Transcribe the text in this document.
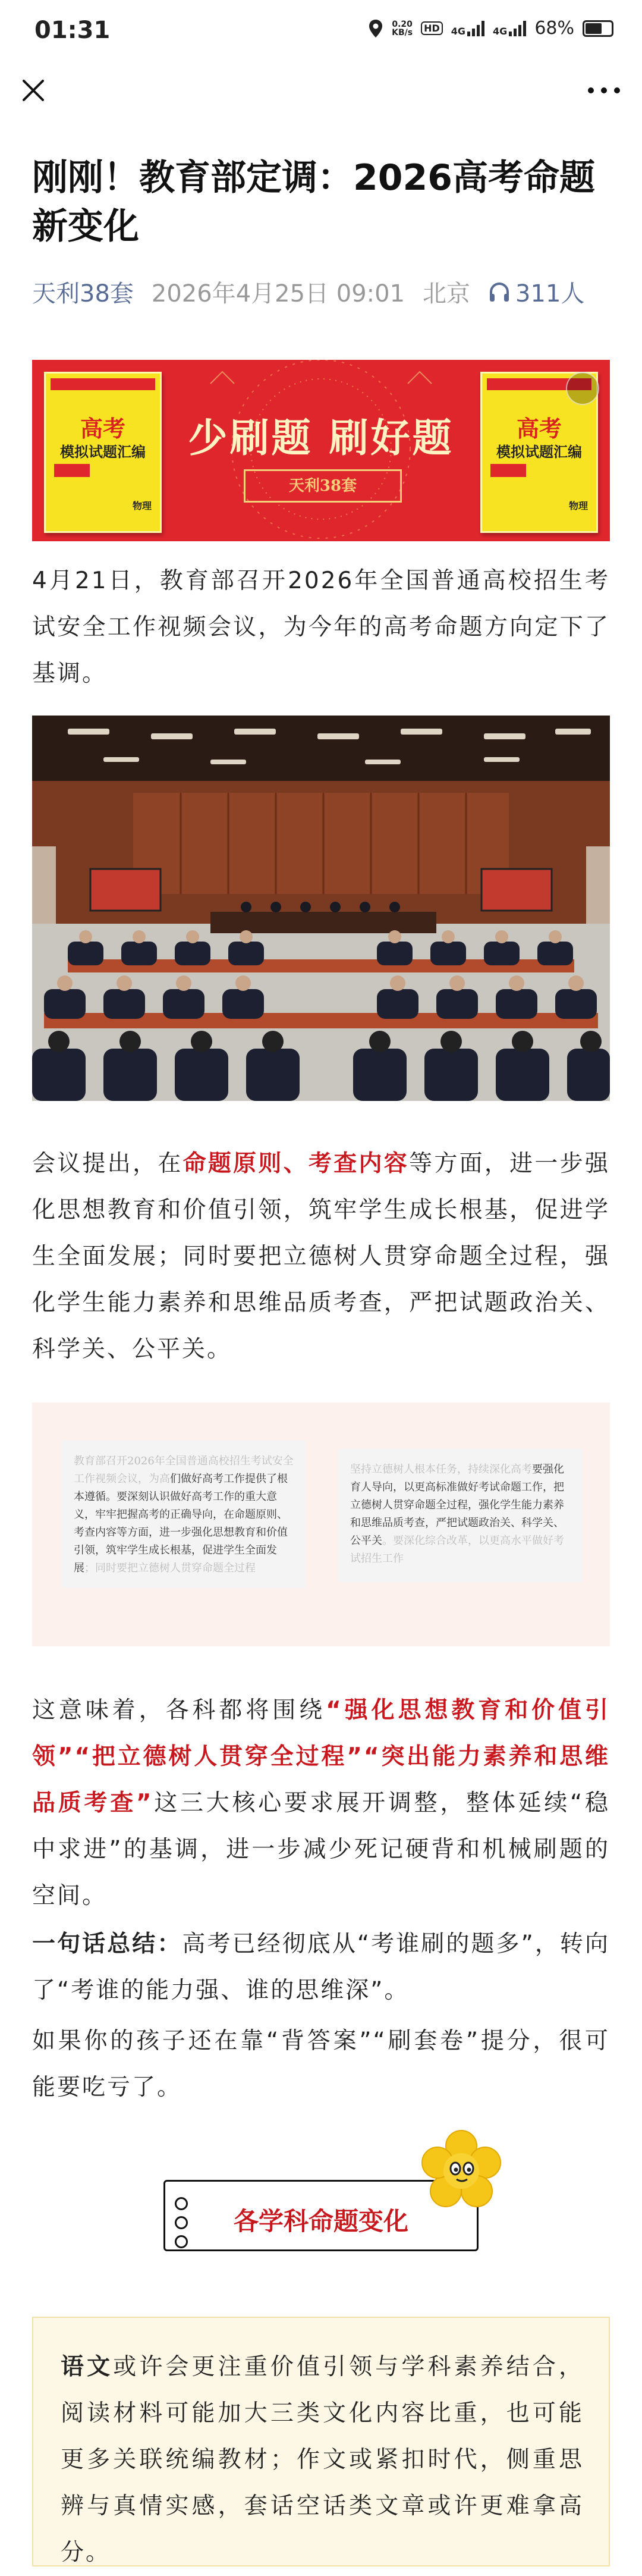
01:31	0.20
KB/s	HD	4G	4G 68%
刚刚！教育部定调：2026高考命题新变化
天利38套 2026年4月25日 09:01 北京 311人
高考
模拟试题汇编
物理
少刷题 刷好题
天利38套
高考
模拟试题汇编
物理

4月21日，教育部召开2026年全国普通高校招生考试安全工作视频会议，为今年的高考命题方向定下了基调。

会议提出，在命题原则、考查内容等方面，进一步强化思想教育和价值引领，筑牢学生成长根基，促进学生全面发展；同时要把立德树人贯穿命题全过程，强化学生能力素养和思维品质考查，严把试题政治关、科学关、公平关。

教育部召开2026年全国普通高校招生考试安全工作视频会议，为高们做好高考工作提供了根本遵循。要深刻认识做好高考工作的重大意义，牢牢把握高考的正确导向，在命题原则、考查内容等方面，进一步强化思想教育和价值引领，筑牢学生成长根基，促进学生全面发展；同时要把立德树人贯穿命题全过程
坚持立德树人根本任务，持续深化高考要强化育人导向，以更高标准做好考试命题工作，把立德树人贯穿命题全过程，强化学生能力素养和思维品质考查，严把试题政治关、科学关、公平关。要深化综合改革，以更高水平做好考试招生工作

这意味着，各科都将围绕“强化思想教育和价值引领”“把立德树人贯穿全过程”“突出能力素养和思维品质考查”这三大核心要求展开调整，整体延续“稳中求进”的基调，进一步减少死记硬背和机械刷题的空间。

一句话总结：高考已经彻底从“考谁刷的题多”，转向了“考谁的能力强、谁的思维深”。

如果你的孩子还在靠“背答案”“刷套卷”提分，很可能要吃亏了。

各学科命题变化

语文或许会更注重价值引领与学科素养结合，阅读材料可能加大三类文化内容比重，也可能更多关联统编教材；作文或紧扣时代，侧重思辨与真情实感，套话空话类文章或许更难拿高分。
